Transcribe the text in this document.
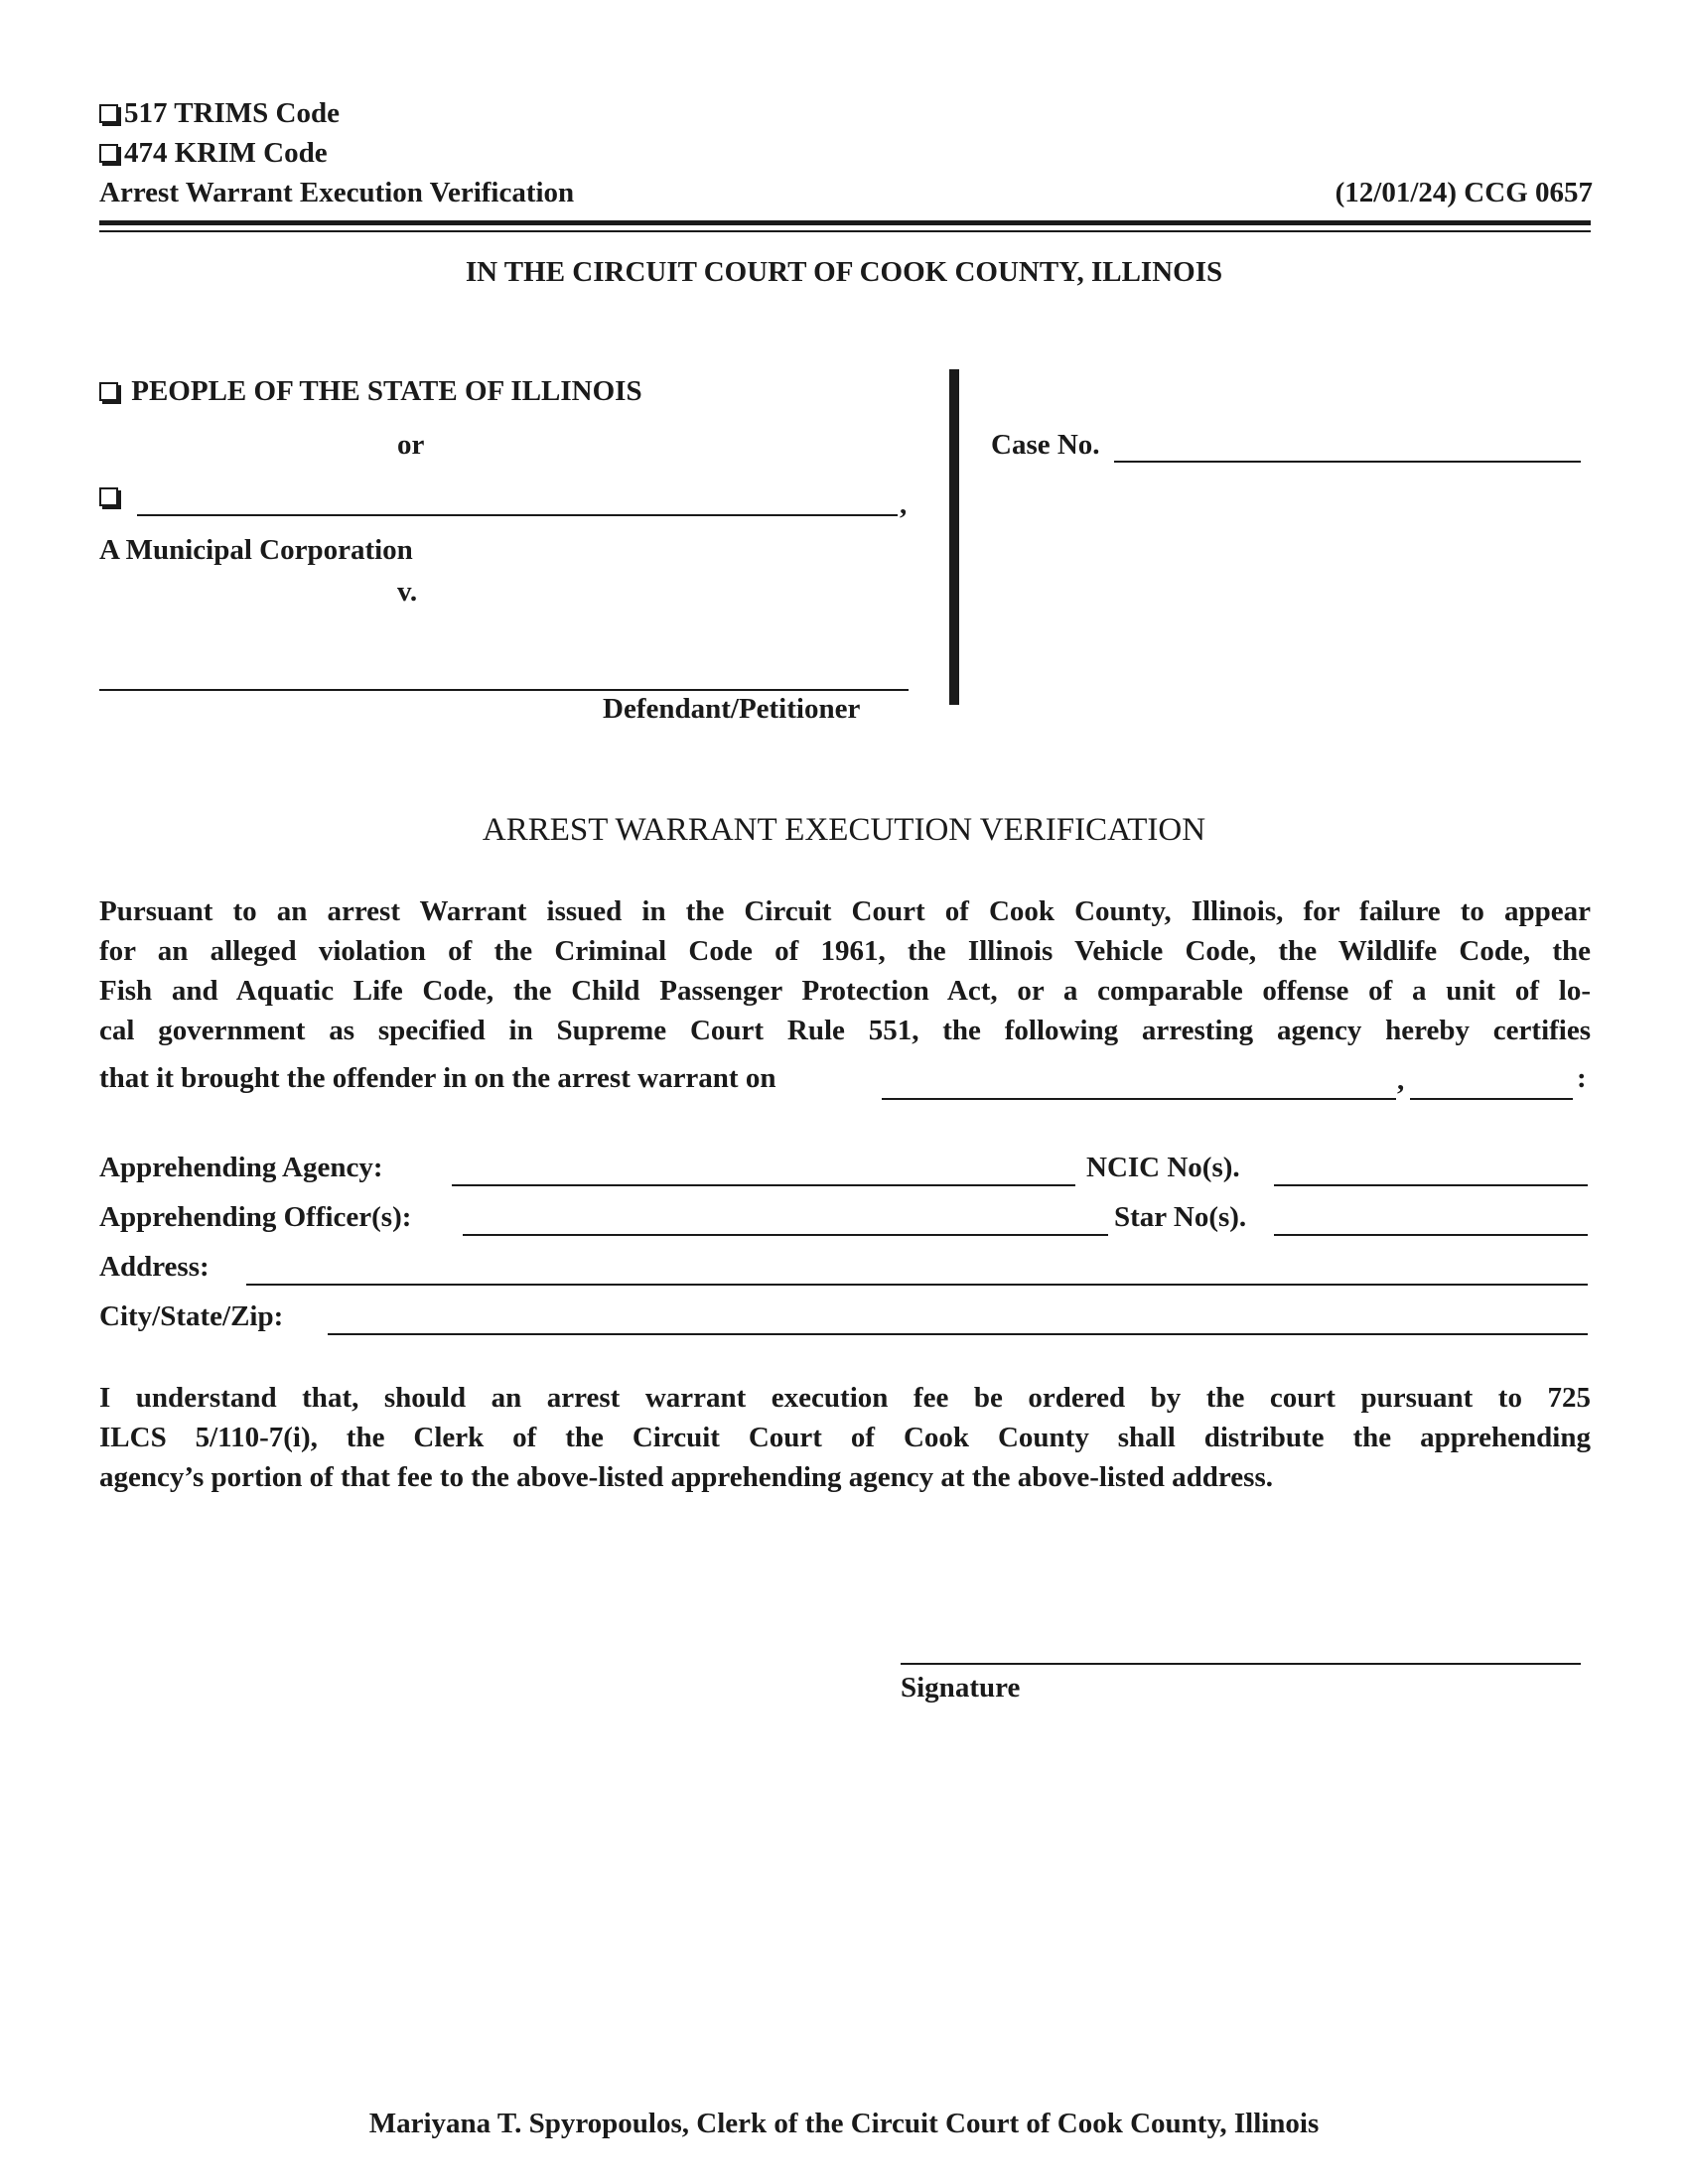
517 TRIMS Code
474 KRIM Code
Arrest Warrant Execution Verification	(12/01/24) CCG 0657
IN THE CIRCUIT COURT OF COOK COUNTY, ILLINOIS
PEOPLE OF THE STATE OF ILLINOIS
or
,
A Municipal Corporation
v.
Defendant/Petitioner
Case No.
ARREST WARRANT EXECUTION VERIFICATION
Pursuant to an arrest Warrant issued in the Circuit Court of Cook County, Illinois, for failure to appear
for an alleged violation of the Criminal Code of 1961, the Illinois Vehicle Code, the Wildlife Code, the
Fish and Aquatic Life Code, the Child Passenger Protection Act, or a comparable offense of a unit of lo-
cal government as specified in Supreme Court Rule 551, the following arresting agency hereby certifies
that it brought the offender in on the arrest warrant on	,	:
Apprehending Agency:	NCIC No(s).
Apprehending Officer(s):	Star No(s).
Address:
City/State/Zip:
I understand that, should an arrest warrant execution fee be ordered by the court pursuant to 725
ILCS 5/110-7(i), the Clerk of the Circuit Court of Cook County shall distribute the apprehending
agency’s portion of that fee to the above-listed apprehending agency at the above-listed address.
Signature
Mariyana T. Spyropoulos, Clerk of the Circuit Court of Cook County, Illinois
